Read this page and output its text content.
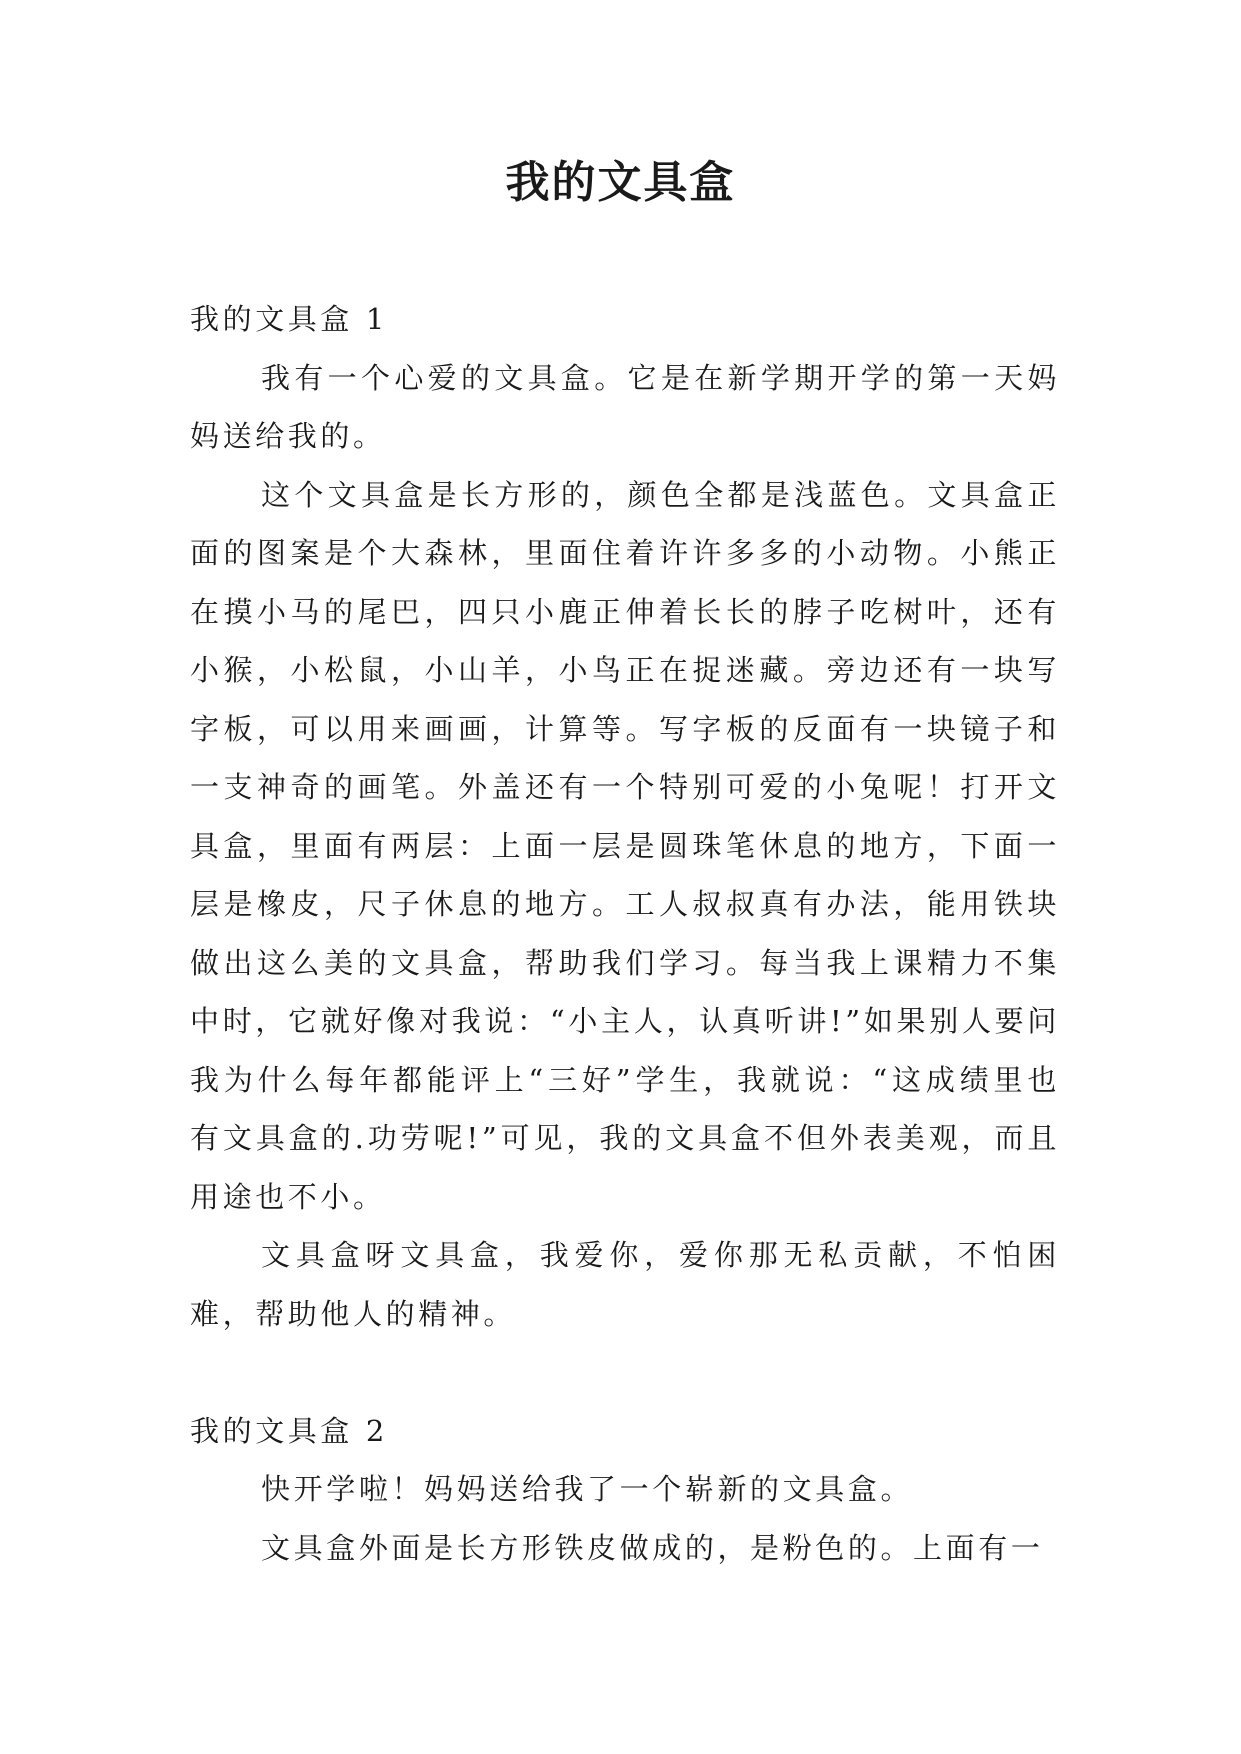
我的文具盒
我的文具盒 1

我有一个心爱的文具盒。它是在新学期开学的第一天妈妈送给我的。

这个文具盒是长方形的，颜色全都是浅蓝色。文具盒正面的图案是个大森林，里面住着许许多多的小动物。小熊正在摸小马的尾巴，四只小鹿正伸着长长的脖子吃树叶，还有小猴，小松鼠，小山羊，小鸟正在捉迷藏。旁边还有一块写字板，可以用来画画，计算等。写字板的反面有一块镜子和一支神奇的画笔。外盖还有一个特别可爱的小兔呢！打开文具盒，里面有两层：上面一层是圆珠笔休息的地方，下面一层是橡皮，尺子休息的地方。工人叔叔真有办法，能用铁块做出这么美的文具盒，帮助我们学习。每当我上课精力不集中时，它就好像对我说：“小主人，认真听讲!”如果别人要问我为什么每年都能评上“三好”学生，我就说：“这成绩里也有文具盒的.功劳呢!”可见，我的文具盒不但外表美观，而且用途也不小。

文具盒呀文具盒，我爱你，爱你那无私贡献，不怕困难，帮助他人的精神。

我的文具盒 2

快开学啦！妈妈送给我了一个崭新的文具盒。

文具盒外面是长方形铁皮做成的，是粉色的。上面有一
